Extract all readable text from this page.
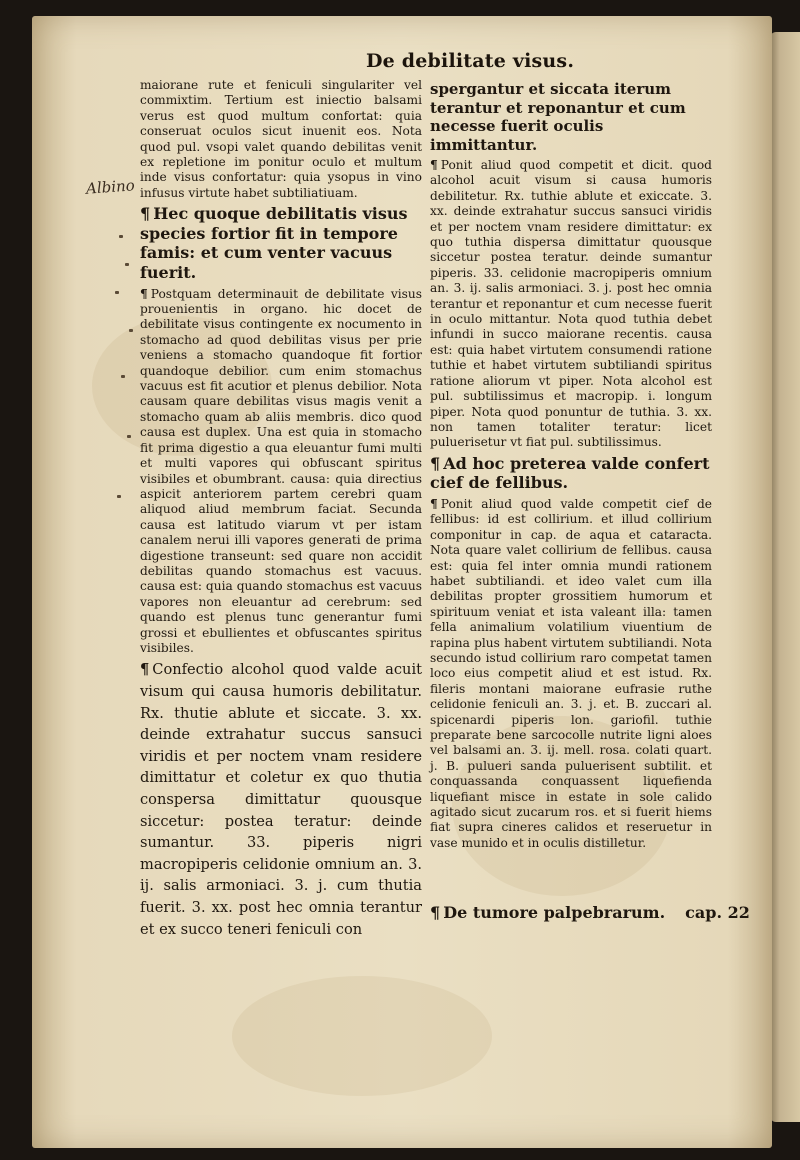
De debilitate visus.
Albino

maiorane rute et feniculi singulariter vel commixtim. Tertium est iniectio balsami verus est quod multum confortat: quia conseruat oculos sicut inuenit eos. Nota quod pul. vsopi valet quando debilitas venit ex repletione im ponitur oculo et multum inde visus confortatur: quia ysopus in vino infusus virtute habet subtiliatiuam.

¶ Hec quoque debilitatis visus species fortior fit in tempore famis: et cum venter vacuus fuerit.

¶ Postquam determinauit de debilitate visus prouenientis in organo. hic docet de debilitate visus contingente ex nocumento in stomacho ad quod debilitas visus per prie veniens a stomacho quandoque fit fortior quandoque debilior. cum enim stomachus vacuus est fit acutior et plenus debilior. Nota causam quare debilitas visus magis venit a stomacho quam ab aliis membris. dico quod causa est duplex. Una est quia in stomacho fit prima digestio a qua eleuantur fumi multi et multi vapores qui obfuscant spiritus visibiles et obumbrant. causa: quia directius aspicit anteriorem partem cerebri quam aliquod aliud membrum faciat. Secunda causa est latitudo viarum vt per istam canalem nerui illi vapores generati de prima digestione transeunt: sed quare non accidit debilitas quando stomachus est vacuus. causa est: quia quando stomachus est vacuus vapores non eleuantur ad cerebrum: sed quando est plenus tunc generantur fumi grossi et ebullientes et obfuscantes spiritus visibiles.

¶ Confectio alcohol quod valde acuit visum qui causa humoris debilitatur. Rx. thutie ablute et siccate. 3. xx. deinde extrahatur succus sansuci viridis et per noctem vnam residere dimittatur et coletur ex quo thutia conspersa dimittatur quousque siccetur: postea teratur: deinde sumantur. 33. piperis nigri macropiperis celidonie omnium an. 3. ij. salis armoniaci. 3. j. cum thutia fuerit. 3. xx. post hec omnia terantur et ex succo teneri feniculi con

spergantur et siccata iterum terantur et reponantur et cum necesse fuerit oculis immittantur.

¶ Ponit aliud quod competit et dicit. quod alcohol acuit visum si causa humoris debilitetur. Rx. tuthie ablute et exiccate. 3. xx. deinde extrahatur succus sansuci viridis et per noctem vnam residere dimittatur: ex quo tuthia dispersa dimittatur quousque siccetur postea teratur. deinde sumantur piperis. 33. celidonie macropiperis omnium an. 3. ij. salis armoniaci. 3. j. post hec omnia terantur et reponantur et cum necesse fuerit in oculo mittantur. Nota quod tuthia debet infundi in succo maiorane recentis. causa est: quia habet virtutem consumendi ratione tuthie et habet virtutem subtiliandi spiritus ratione aliorum vt piper. Nota alcohol est pul. subtilissimus et macropip. i. longum piper. Nota quod ponuntur de tuthia. 3. xx. non tamen totaliter teratur: licet puluerisetur vt fiat pul. subtilissimus.

¶ Ad hoc preterea valde confert cief de fellibus.

¶ Ponit aliud quod valde competit cief de fellibus: id est collirium. et illud collirium componitur in cap. de aqua et cataracta. Nota quare valet collirium de fellibus. causa est: quia fel inter omnia mundi rationem habet subtiliandi. et ideo valet cum illa debilitas propter grossitiem humorum et spirituum veniat et ista valeant illa: tamen fella animalium volatilium viuentium de rapina plus habent virtutem subtiliandi. Nota secundo istud collirium raro competat tamen loco eius competit aliud et est istud. Rx. fileris montani maiorane eufrasie ruthe celidonie feniculi an. 3. j. et. B. zuccari al. spicenardi piperis lon. gariofil. tuthie preparate bene sarcocolle nutrite ligni aloes vel balsami an. 3. ij. mell. rosa. colati quart. j. B. pulueri sanda puluerisent subtilit. et conquassanda conquassent liquefienda liquefiant misce in estate in sole calido agitado sicut zucarum ros. et si fuerit hiems fiat supra cineres calidos et reseruetur in vase munido et in oculis distilletur.

¶ De tumore palpebrarum. cap. 22
